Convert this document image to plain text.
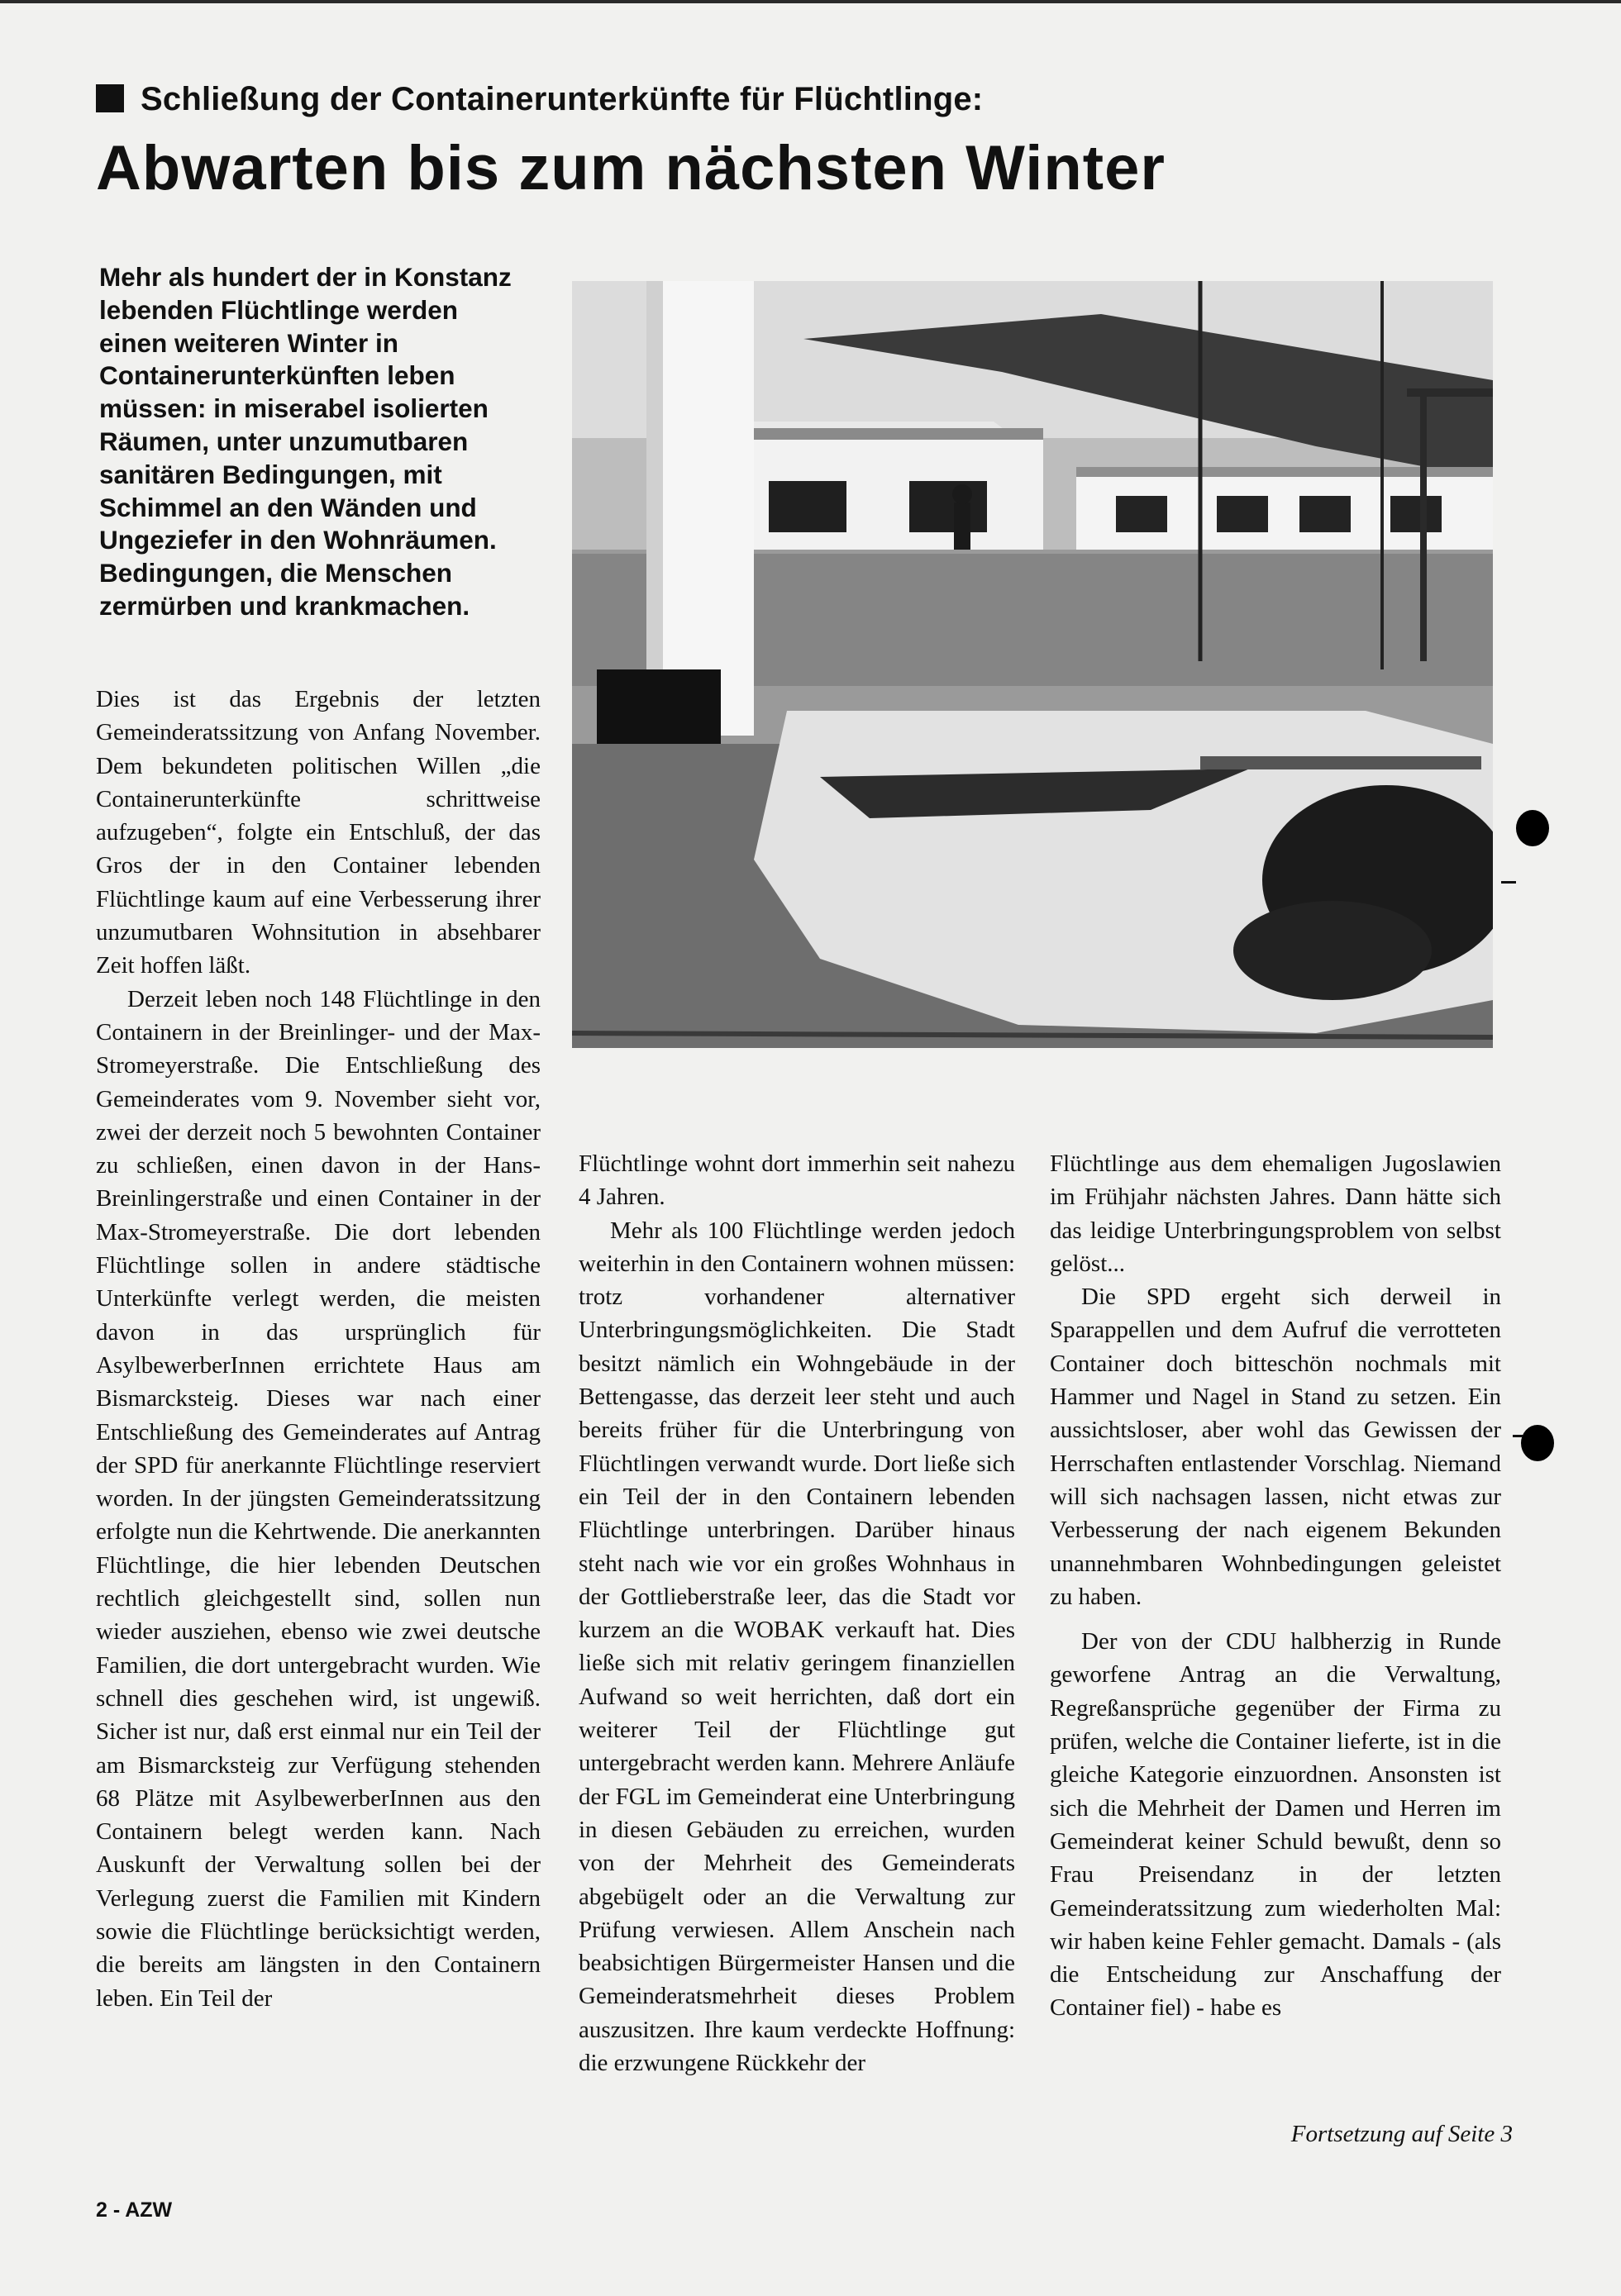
Schließung der Containerunterkünfte für Flüchtlinge:
Abwarten bis zum nächsten Winter
Mehr als hundert der in Konstanz lebenden Flüchtlinge werden einen weiteren Winter in Containerunterkünften leben müssen: in miserabel isolierten Räumen, unter unzumutbaren sanitären Bedingungen, mit Schimmel an den Wänden und Ungeziefer in den Wohnräumen. Bedingungen, die Menschen zermürben und krankmachen.

Dies ist das Ergebnis der letzten Gemeinderatssitzung von Anfang November. Dem bekundeten politischen Willen „die Containerunterkünfte schrittweise aufzugeben“, folgte ein Entschluß, der das Gros der in den Container lebenden Flüchtlinge kaum auf eine Verbesserung ihrer unzumutbaren Wohnsitution in absehbarer Zeit hoffen läßt.

Derzeit leben noch 148 Flüchtlinge in den Containern in der Breinlinger- und der Max-Stromeyerstraße. Die Entschließung des Gemeinderates vom 9. November sieht vor, zwei der derzeit noch 5 bewohnten Container zu schließen, einen davon in der Hans-Breinlingerstraße und einen Container in der Max-Stromeyerstraße. Die dort lebenden Flüchtlinge sollen in andere städtische Unterkünfte verlegt werden, die meisten davon in das ursprünglich für AsylbewerberInnen errichtete Haus am Bismarcksteig. Dieses war nach einer Entschließung des Gemeinderates auf Antrag der SPD für anerkannte Flüchtlinge reserviert worden. In der jüngsten Gemeinderatssitzung erfolgte nun die Kehrtwende. Die anerkannten Flüchtlinge, die hier lebenden Deutschen rechtlich gleichgestellt sind, sollen nun wieder ausziehen, ebenso wie zwei deutsche Familien, die dort untergebracht wurden. Wie schnell dies geschehen wird, ist ungewiß. Sicher ist nur, daß erst einmal nur ein Teil der am Bismarcksteig zur Verfügung stehenden 68 Plätze mit AsylbewerberInnen aus den Containern belegt werden kann. Nach Auskunft der Verwaltung sollen bei der Verlegung zuerst die Familien mit Kindern sowie die Flüchtlinge berücksichtigt werden, die bereits am längsten in den Containern leben. Ein Teil der

Flüchtlinge wohnt dort immerhin seit nahezu 4 Jahren.

Mehr als 100 Flüchtlinge werden jedoch weiterhin in den Containern wohnen müssen: trotz vorhandener alternativer Unterbringungsmöglichkeiten. Die Stadt besitzt nämlich ein Wohngebäude in der Bettengasse, das derzeit leer steht und auch bereits früher für die Unterbringung von Flüchtlingen verwandt wurde. Dort ließe sich ein Teil der in den Containern lebenden Flüchtlinge unterbringen. Darüber hinaus steht nach wie vor ein großes Wohnhaus in der Gottlieberstraße leer, das die Stadt vor kurzem an die WOBAK verkauft hat. Dies ließe sich mit relativ geringem finanziellen Aufwand so weit herrichten, daß dort ein weiterer Teil der Flüchtlinge gut untergebracht werden kann. Mehrere Anläufe der FGL im Gemeinderat eine Unterbringung in diesen Gebäuden zu erreichen, wurden von der Mehrheit des Gemeinderats abgebügelt oder an die Verwaltung zur Prüfung verwiesen. Allem Anschein nach beabsichtigen Bürgermeister Hansen und die Gemeinderatsmehrheit dieses Problem auszusitzen. Ihre kaum verdeckte Hoffnung: die erzwungene Rückkehr der

Flüchtlinge aus dem ehemaligen Jugoslawien im Frühjahr nächsten Jahres. Dann hätte sich das leidige Unterbringungsproblem von selbst gelöst...

Die SPD ergeht sich derweil in Sparappellen und dem Aufruf die verrotteten Container doch bitteschön nochmals mit Hammer und Nagel in Stand zu setzen. Ein aussichtsloser, aber wohl das Gewissen der Herrschaften entlastender Vorschlag. Niemand will sich nachsagen lassen, nicht etwas zur Verbesserung der nach eigenem Bekunden unannehmbaren Wohnbedingungen geleistet zu haben.

Der von der CDU halbherzig in Runde geworfene Antrag an die Verwaltung, Regreßansprüche gegenüber der Firma zu prüfen, welche die Container lieferte, ist in die gleiche Kategorie einzuordnen. Ansonsten ist sich die Mehrheit der Damen und Herren im Gemeinderat keiner Schuld bewußt, denn so Frau Preisendanz in der letzten Gemeinderatssitzung zum wiederholten Mal: wir haben keine Fehler gemacht. Damals - (als die Entscheidung zur Anschaffung der Container fiel) - habe es

Fortsetzung auf Seite 3
2 - AZW
